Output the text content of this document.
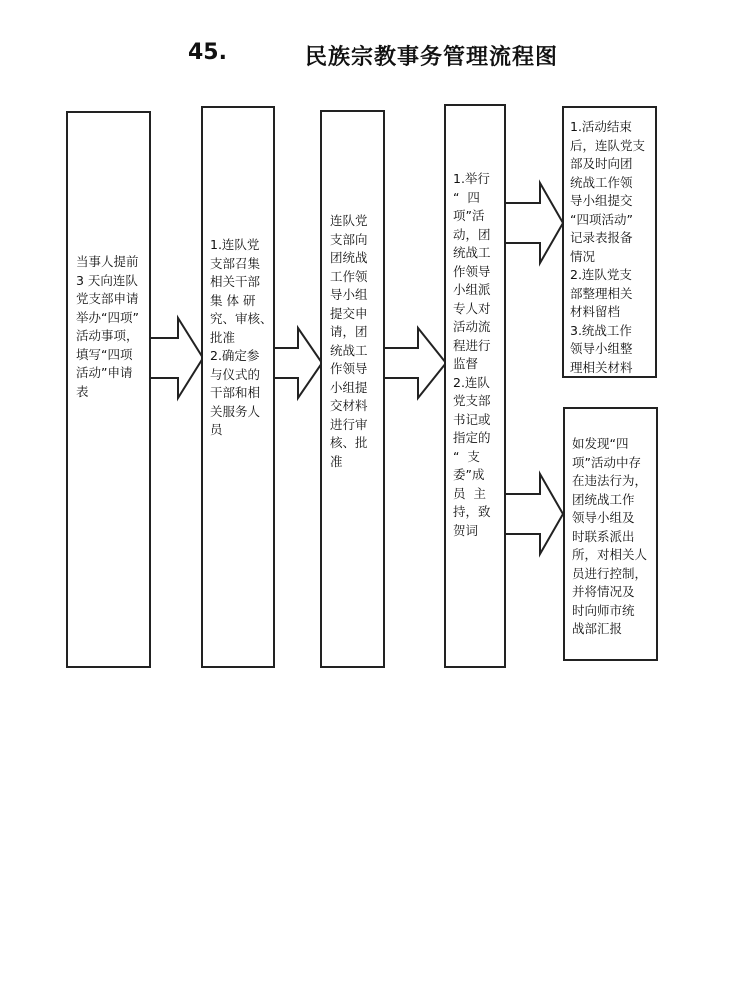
45.	民族宗教事务管理流程图
当事人提前
3 天向连队
党支部申请
举办“四项”
活动事项，
填写“四项
活动”申请
表
1.连队党
支部召集
相关干部
集 体 研
究、审核、
批准
2.确定参
与仪式的
干部和相
关服务人
员
连队党
支部向
团统战
工作领
导小组
提交申
请，团
统战工
作领导
小组提
交材料
进行审
核、批
准
1.举行
“  四
项”活
动，团
统战工
作领导
小组派
专人对
活动流
程进行
监督
2.连队
党支部
书记或
指定的
“  支
委”成
员  主
持，致
贺词
1.活动结束
后，连队党支
部及时向团
统战工作领
导小组提交
“四项活动”
记录表报备
情况
2.连队党支
部整理相关
材料留档
3.统战工作
领导小组整
理相关材料
如发现“四
项”活动中存
在违法行为，
团统战工作
领导小组及
时联系派出
所，对相关人
员进行控制，
并将情况及
时向师市统
战部汇报
